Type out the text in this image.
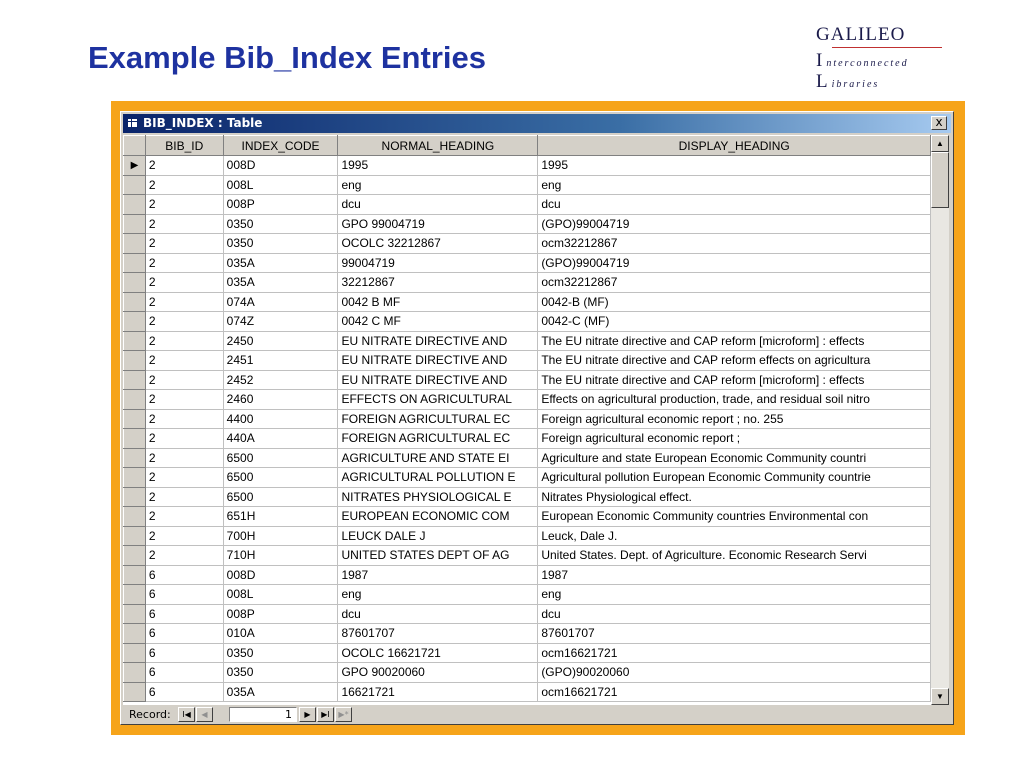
Example Bib_Index Entries
GALILEO
Interconnected
Libraries
BIB_INDEX : Table	x
	BIB_ID	INDEX_CODE	NORMAL_HEADING	DISPLAY_HEADING
▶	2	008D	1995	1995
	2	008L	eng	eng
	2	008P	dcu	dcu
	2	0350	GPO 99004719	(GPO)99004719
	2	0350	OCOLC 32212867	ocm32212867
	2	035A	99004719	(GPO)99004719
	2	035A	32212867	ocm32212867
	2	074A	0042 B MF	0042-B (MF)
	2	074Z	0042 C MF	0042-C (MF)
	2	2450	EU NITRATE DIRECTIVE AND	The EU nitrate directive and CAP reform [microform] : effects
	2	2451	EU NITRATE DIRECTIVE AND	The EU nitrate directive and CAP reform effects on agricultura
	2	2452	EU NITRATE DIRECTIVE AND	The EU nitrate directive and CAP reform [microform] : effects
	2	2460	EFFECTS ON AGRICULTURAL	Effects on agricultural production, trade, and residual soil nitro
	2	4400	FOREIGN AGRICULTURAL EC	Foreign agricultural economic report ; no. 255
	2	440A	FOREIGN AGRICULTURAL EC	Foreign agricultural economic report ;
	2	6500	AGRICULTURE AND STATE EI	Agriculture and state European Economic Community countri
	2	6500	AGRICULTURAL POLLUTION E	Agricultural pollution European Economic Community countrie
	2	6500	NITRATES PHYSIOLOGICAL E	Nitrates Physiological effect.
	2	651H	EUROPEAN ECONOMIC COM	European Economic Community countries Environmental con
	2	700H	LEUCK DALE J	Leuck, Dale J.
	2	710H	UNITED STATES DEPT OF AG	United States. Dept. of Agriculture. Economic Research Servi
	6	008D	1987	1987
	6	008L	eng	eng
	6	008P	dcu	dcu
	6	010A	87601707	87601707
	6	0350	OCOLC 16621721	ocm16621721
	6	0350	GPO 90020060	(GPO)90020060
	6	035A	16621721	ocm16621721
▲
▼
Record:	I◀	◀	1	▶	▶I	▶*
